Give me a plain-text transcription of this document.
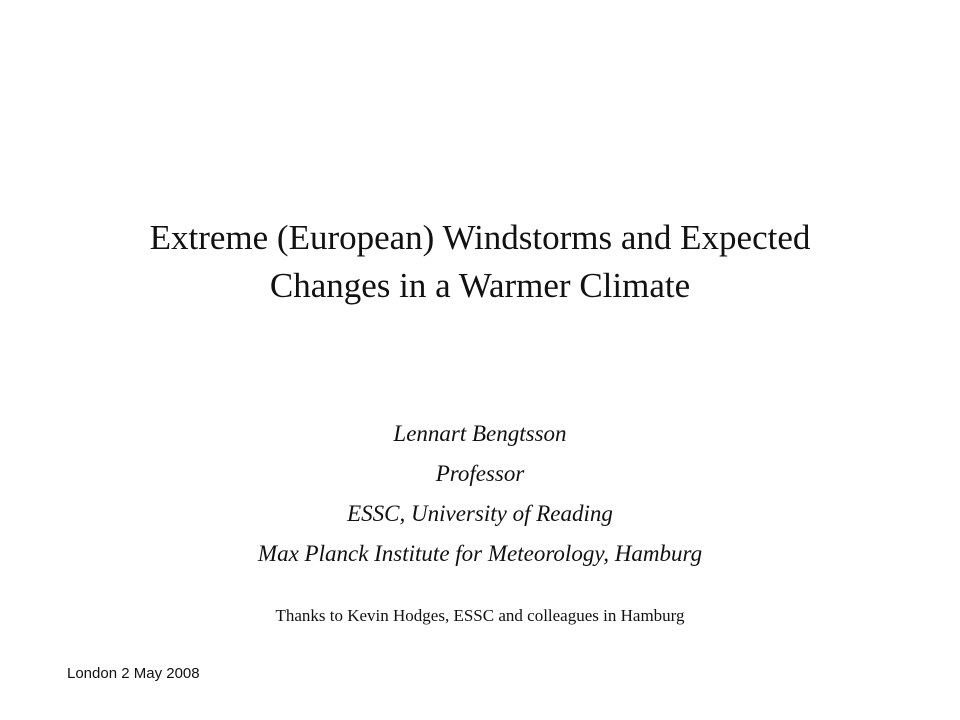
Extreme (European) Windstorms and Expected
Changes in a Warmer Climate
Lennart Bengtsson
Professor
ESSC, University of Reading
Max Planck Institute for Meteorology, Hamburg
Thanks to Kevin Hodges, ESSC and colleagues in Hamburg
London 2 May 2008
